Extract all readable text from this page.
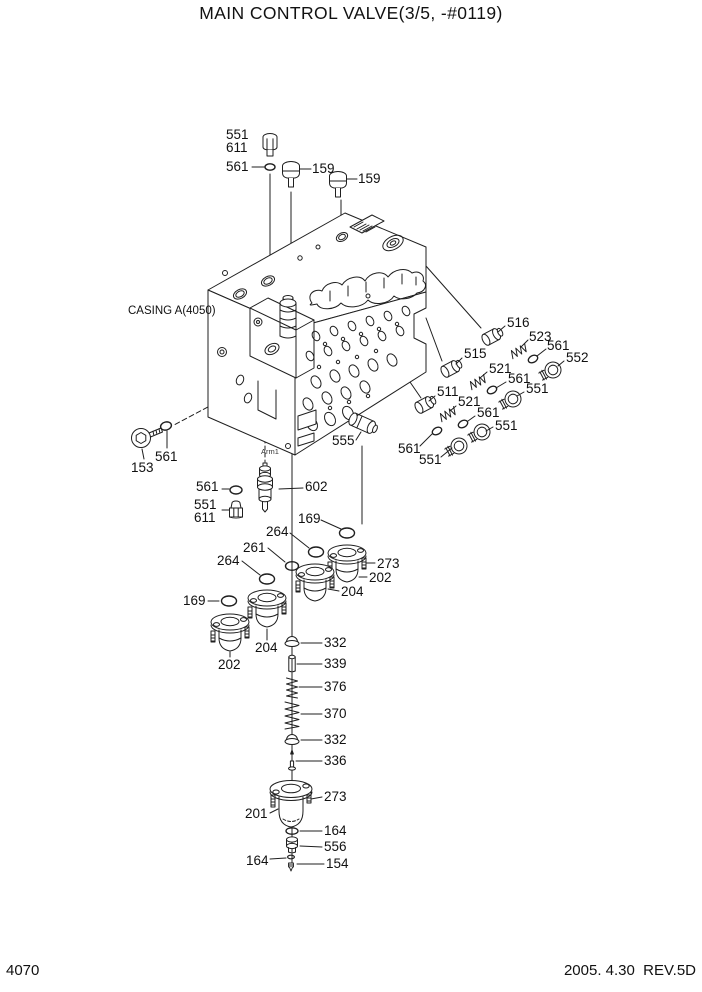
MAIN CONTROL VALVE(3/5, -#0119)
CASING A(4050)
Arm1
551
611
561	159
159
516
523
561
552
515
521
561
551
511
521
561
551
561
551
555
153
561
561	602
551
611	169
264
261
264	273
202
204
169
204
202
332
339
376
370
332
336
273
201
164
556
164	154
4070	2005. 4.30  REV.5D
